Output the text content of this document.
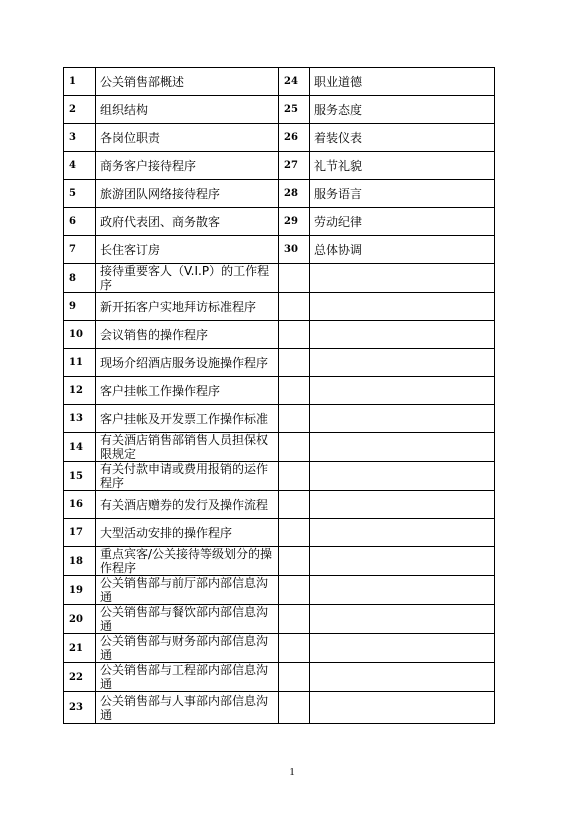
1	公关销售部概述	24	职业道德
2	组织结构	25	服务态度
3	各岗位职责	26	着装仪表
4	商务客户接待程序	27	礼节礼貌
5	旅游团队网络接待程序	28	服务语言
6	政府代表团、商务散客	29	劳动纪律
7	长住客订房	30	总体协调
8	接待重要客人（V.I.P）的工作程序		
9	新开拓客户实地拜访标准程序		
10	会议销售的操作程序		
11	现场介绍酒店服务设施操作程序		
12	客户挂帐工作操作程序		
13	客户挂帐及开发票工作操作标准		
14	有关酒店销售部销售人员担保权限规定		
15	有关付款申请或费用报销的运作程序		
16	有关酒店赠券的发行及操作流程		
17	大型活动安排的操作程序		
18	重点宾客/公关接待等级划分的操作程序		
19	公关销售部与前厅部内部信息沟通		
20	公关销售部与餐饮部内部信息沟通		
21	公关销售部与财务部内部信息沟通		
22	公关销售部与工程部内部信息沟通		
23	公关销售部与人事部内部信息沟通		
1
